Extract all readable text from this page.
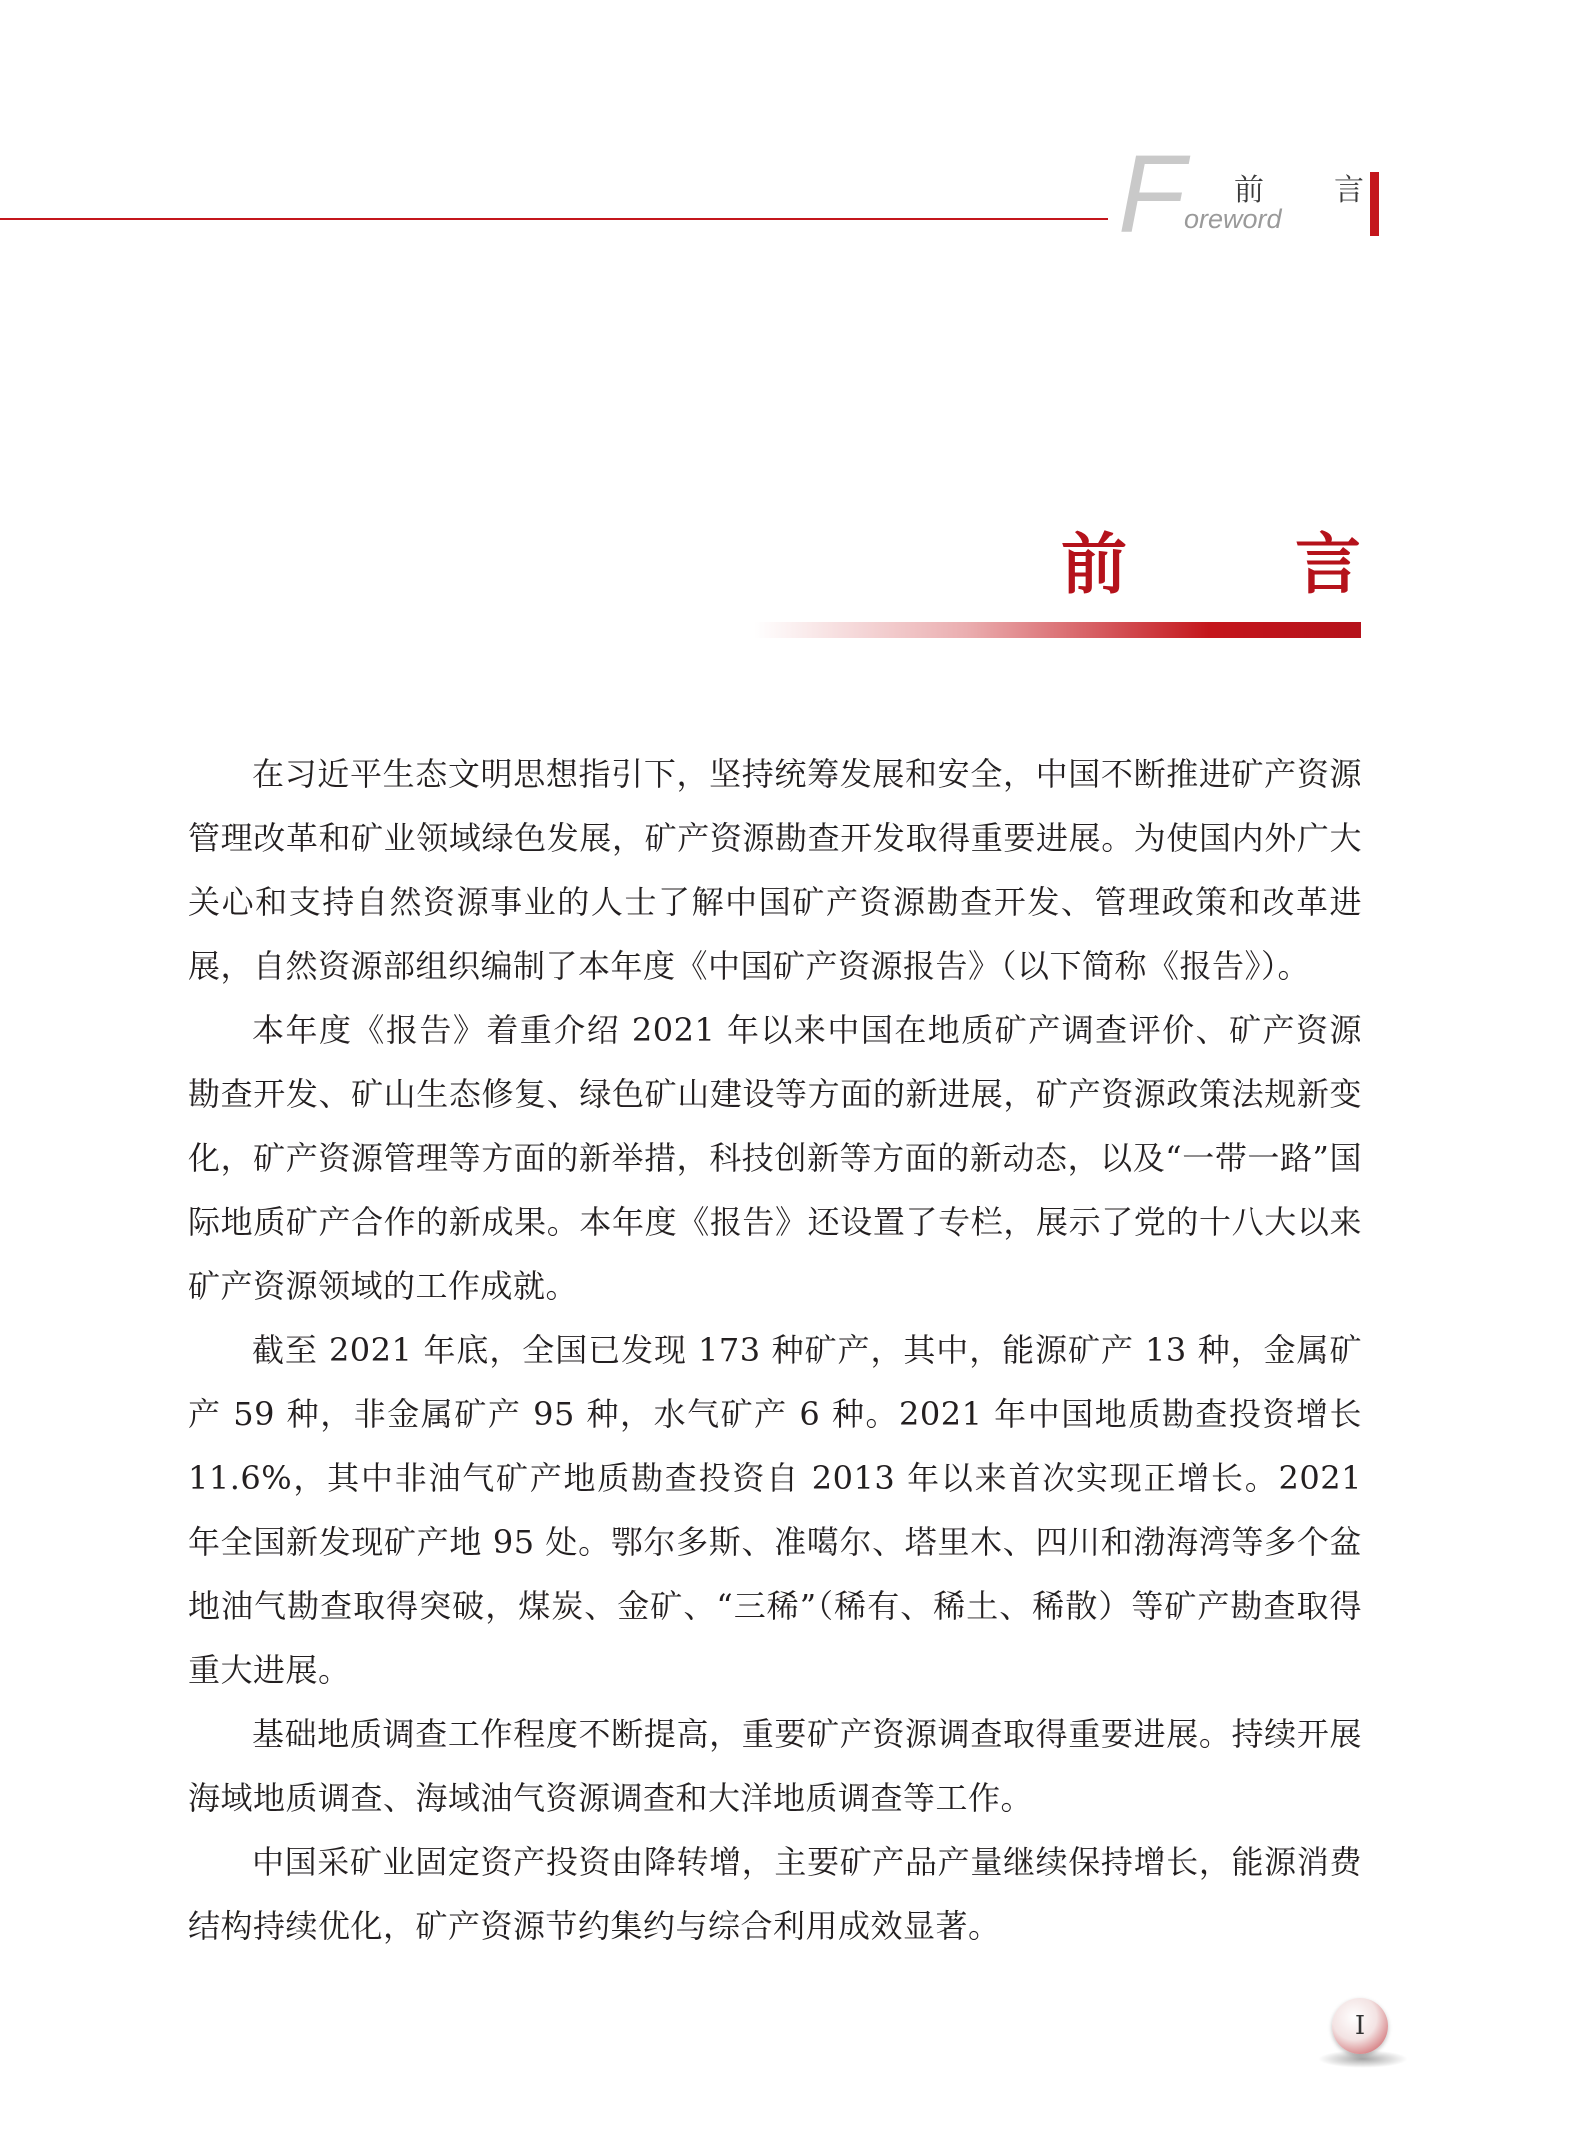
F
oreword
前 言
前	言

在习近平生态文明思想指引下，坚持统筹发展和安全，中国不断推进矿产资源管理改革和矿业领域绿色发展，矿产资源勘查开发取得重要进展。为使国内外广大关心和支持自然资源事业的人士了解中国矿产资源勘查开发、管理政策和改革进展，自然资源部组织编制了本年度《中国矿产资源报告》（以下简称《报告》）。

本年度《报告》着重介绍 2021 年以来中国在地质矿产调查评价、矿产资源勘查开发、矿山生态修复、绿色矿山建设等方面的新进展，矿产资源政策法规新变化，矿产资源管理等方面的新举措，科技创新等方面的新动态，以及“一带一路”国际地质矿产合作的新成果。本年度《报告》还设置了专栏，展示了党的十八大以来矿产资源领域的工作成就。

截至 2021 年底，全国已发现 173 种矿产，其中，能源矿产 13 种，金属矿产 59 种，非金属矿产 95 种，水气矿产 6 种。2021 年中国地质勘查投资增长 11.6%，其中非油气矿产地质勘查投资自 2013 年以来首次实现正增长。2021 年全国新发现矿产地 95 处。鄂尔多斯、准噶尔、塔里木、四川和渤海湾等多个盆地油气勘查取得突破，煤炭、金矿、“三稀”（稀有、稀土、稀散）等矿产勘查取得重大进展。

基础地质调查工作程度不断提高，重要矿产资源调查取得重要进展。持续开展海域地质调查、海域油气资源调查和大洋地质调查等工作。

中国采矿业固定资产投资由降转增，主要矿产品产量继续保持增长，能源消费结构持续优化，矿产资源节约集约与综合利用成效显著。

I
